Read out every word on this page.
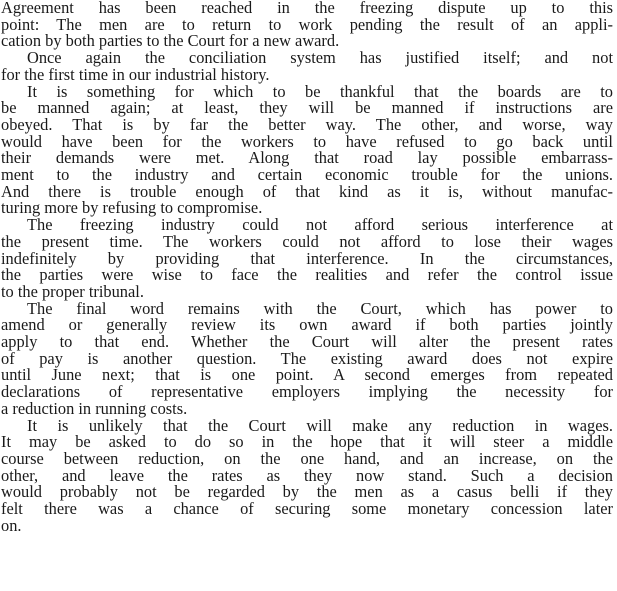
Agreement has been reached in the freezing dispute up to this
point: The men are to return to work pending the result of an appli-
cation by both parties to the Court for a new award.
Once again the conciliation system has justified itself; and not
for the first time in our industrial history.
It is something for which to be thankful that the boards are to
be manned again; at least, they will be manned if instructions are
obeyed. That is by far the better way. The other, and worse, way
would have been for the workers to have refused to go back until
their demands were met. Along that road lay possible embarrass-
ment to the industry and certain economic trouble for the unions.
And there is trouble enough of that kind as it is, without manufac-
turing more by refusing to compromise.
The freezing industry could not afford serious interference at
the present time. The workers could not afford to lose their wages
indefinitely by providing that interference. In the circumstances,
the parties were wise to face the realities and refer the control issue
to the proper tribunal.
The final word remains with the Court, which has power to
amend or generally review its own award if both parties jointly
apply to that end. Whether the Court will alter the present rates
of pay is another question. The existing award does not expire
until June next; that is one point. A second emerges from repeated
declarations of representative employers implying the necessity for
a reduction in running costs.
It is unlikely that the Court will make any reduction in wages.
It may be asked to do so in the hope that it will steer a middle
course between reduction, on the one hand, and an increase, on the
other, and leave the rates as they now stand. Such a decision
would probably not be regarded by the men as a casus belli if they
felt there was a chance of securing some monetary concession later
on.
